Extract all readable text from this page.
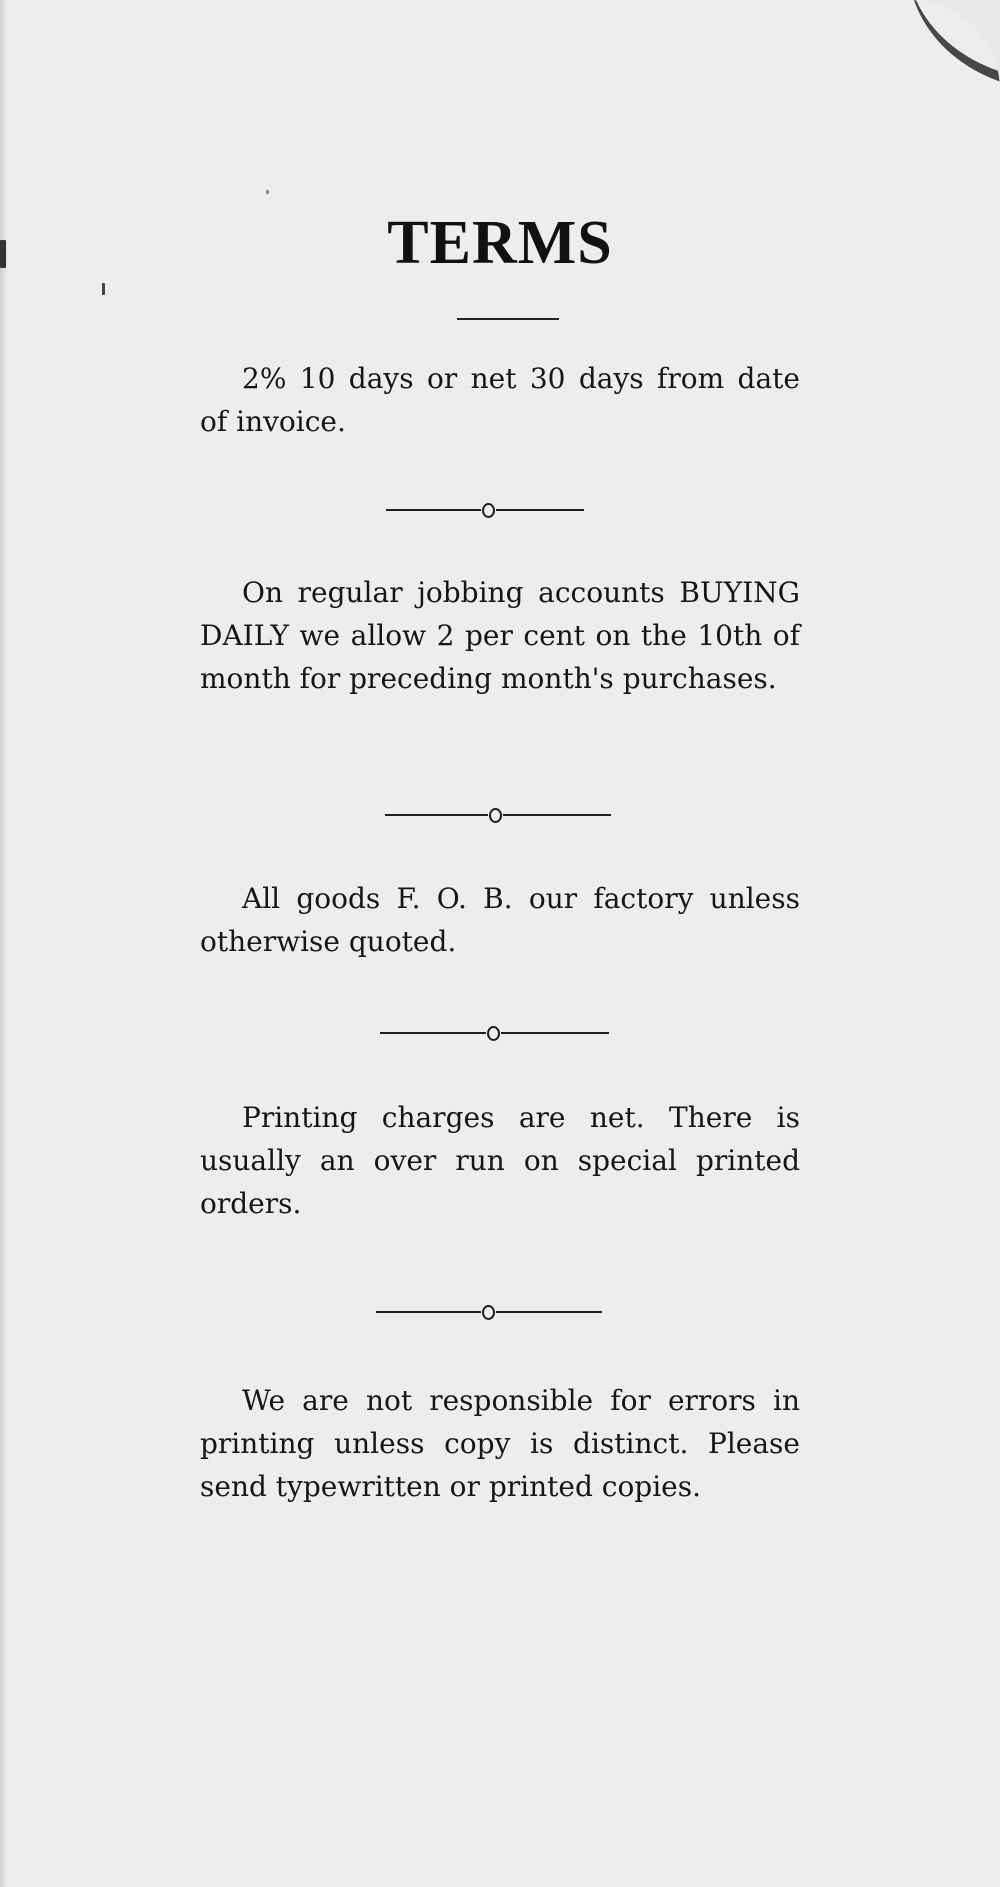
TERMS
2% 10 days or net 30 days from date of invoice.
On regular jobbing accounts BUYING DAILY we allow 2 per cent on the 10th of month for preceding month's purchases.
All goods F. O. B. our factory unless otherwise quoted.
Printing charges are net. There is usually an over run on special printed orders.
We are not responsible for errors in printing unless copy is distinct. Please send typewritten or printed copies.
